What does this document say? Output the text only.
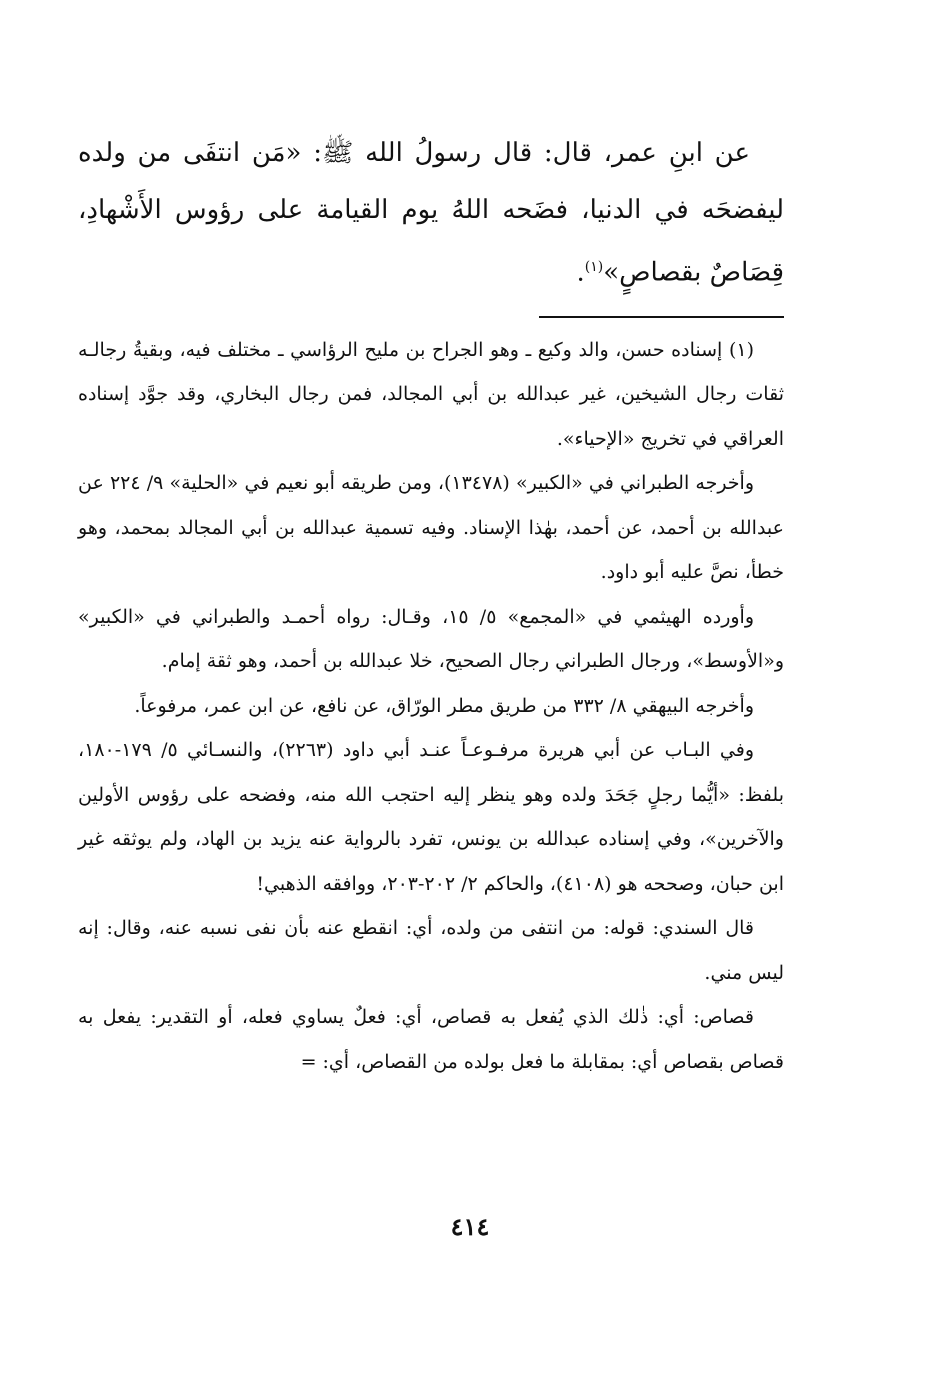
عن ابنِ عمر، قال: قال رسولُ الله ﷺ: «مَن انتفَى من ولده ليفضحَه في الدنيا، فضَحه اللهُ يوم القيامة على رؤوس الأَشْهادِ، قِصَاصٌ بقصاصٍ»$^{(١)}$.

(١) إسناده حسن، والد وكيع ـ وهو الجراح بن مليح الرؤاسي ـ مختلف فيه، وبقيةُ رجالـه ثقات رجال الشيخين، غير عبدالله بن أبي المجالد، فمن رجال البخاري، وقد جوَّد إسناده العراقي في تخريج «الإحياء».

وأخرجه الطبراني في «الكبير» (١٣٤٧٨)، ومن طريقه أبو نعيم في «الحلية» ٩/ ٢٢٤ عن عبدالله بن أحمد، عن أحمد، بهٰذا الإسناد. وفيه تسمية عبدالله بن أبي المجالد بمحمد، وهو خطأ، نصَّ عليه أبو داود.

وأورده الهيثمي في «المجمع» ٥/ ١٥، وقـال: رواه أحمـد والطبراني في «الكبير» و«الأوسط»، ورجال الطبراني رجال الصحيح، خلا عبدالله بن أحمد، وهو ثقة إمام.

وأخرجه البيهقي ٨/ ٣٣٢ من طريق مطر الورّاق، عن نافع، عن ابن عمر، مرفوعاً.

وفي البـاب عن أبي هريرة مرفـوعـاً عنـد أبي داود (٢٢٦٣)، والنسـائي ٥/ ١٧٩-١٨٠، بلفظ: «أيُّما رجلٍ جَحَدَ ولده وهو ينظر إليه احتجب الله منه، وفضحه على رؤوس الأولين والآخرين»، وفي إسناده عبدالله بن يونس، تفرد بالرواية عنه يزيد بن الهاد، ولم يوثقه غير ابن حبان، وصححه هو (٤١٠٨)، والحاكم ٢/ ٢٠٢-٢٠٣، ووافقه الذهبي!

قال السندي: قوله: من انتفى من ولده، أي: انقطع عنه بأن نفى نسبه عنه، وقال: إنه ليس مني.

قصاص: أي: ذٰلك الذي يُفعل به قصاص، أي: فعلٌ يساوي فعله، أو التقدير: يفعل به قصاص بقصاص أي: بمقابلة ما فعل بولده من القصاص، أي: =

٤١٤
